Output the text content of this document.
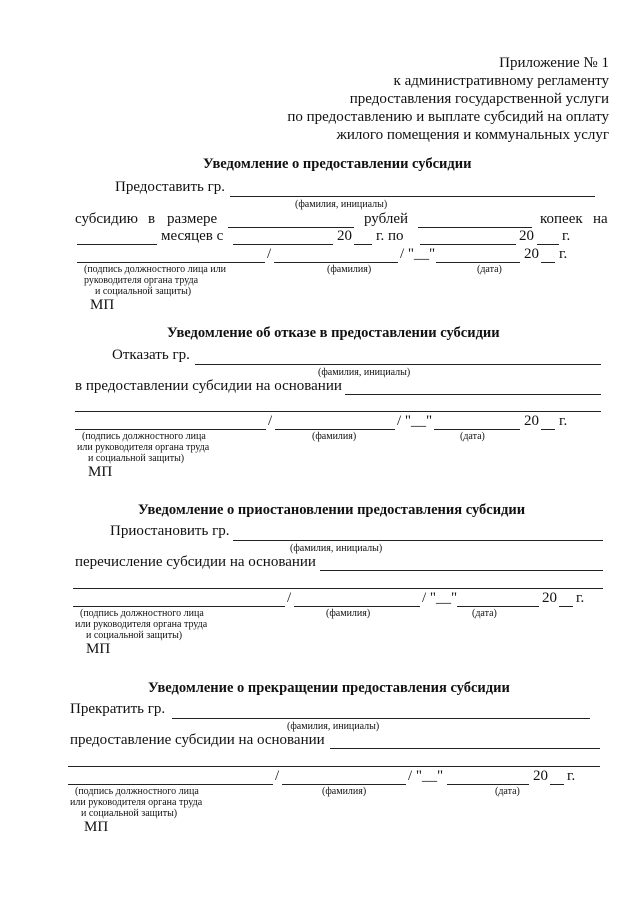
Приложение № 1
к административному регламенту
предоставления государственной услуги
по предоставлению и выплате субсидий на оплату
жилого помещения и коммунальных услуг
Уведомление о предоставлении субсидии
Предоставить гр.
(фамилия, инициалы)
субсидию в размере	рублей	копеек на
месяцев с	20 г. по	20 г.
/	/ "__"	20 г.
(подпись должностного лица или
руководителя органа труда
и социальной защиты)
(фамилия)	(дата)
МП
Уведомление об отказе в предоставлении субсидии
Отказать гр.
(фамилия, инициалы)
в предоставлении субсидии на основании
/	/ "__"	20 г.
(подпись должностного лица
или руководителя органа труда
и социальной защиты)
(фамилия)	(дата)
МП
Уведомление о приостановлении предоставления субсидии
Приостановить гр.
(фамилия, инициалы)
перечисление субсидии на основании
/	/ "__"	20 г.
(подпись должностного лица
или руководителя органа труда
и социальной защиты)
(фамилия)	(дата)
МП
Уведомление о прекращении предоставления субсидии
Прекратить гр.
(фамилия, инициалы)
предоставление субсидии на основании
/	/ "__"	20 г.
(подпись должностного лица
или руководителя органа труда
и социальной защиты)
(фамилия)	(дата)
МП
